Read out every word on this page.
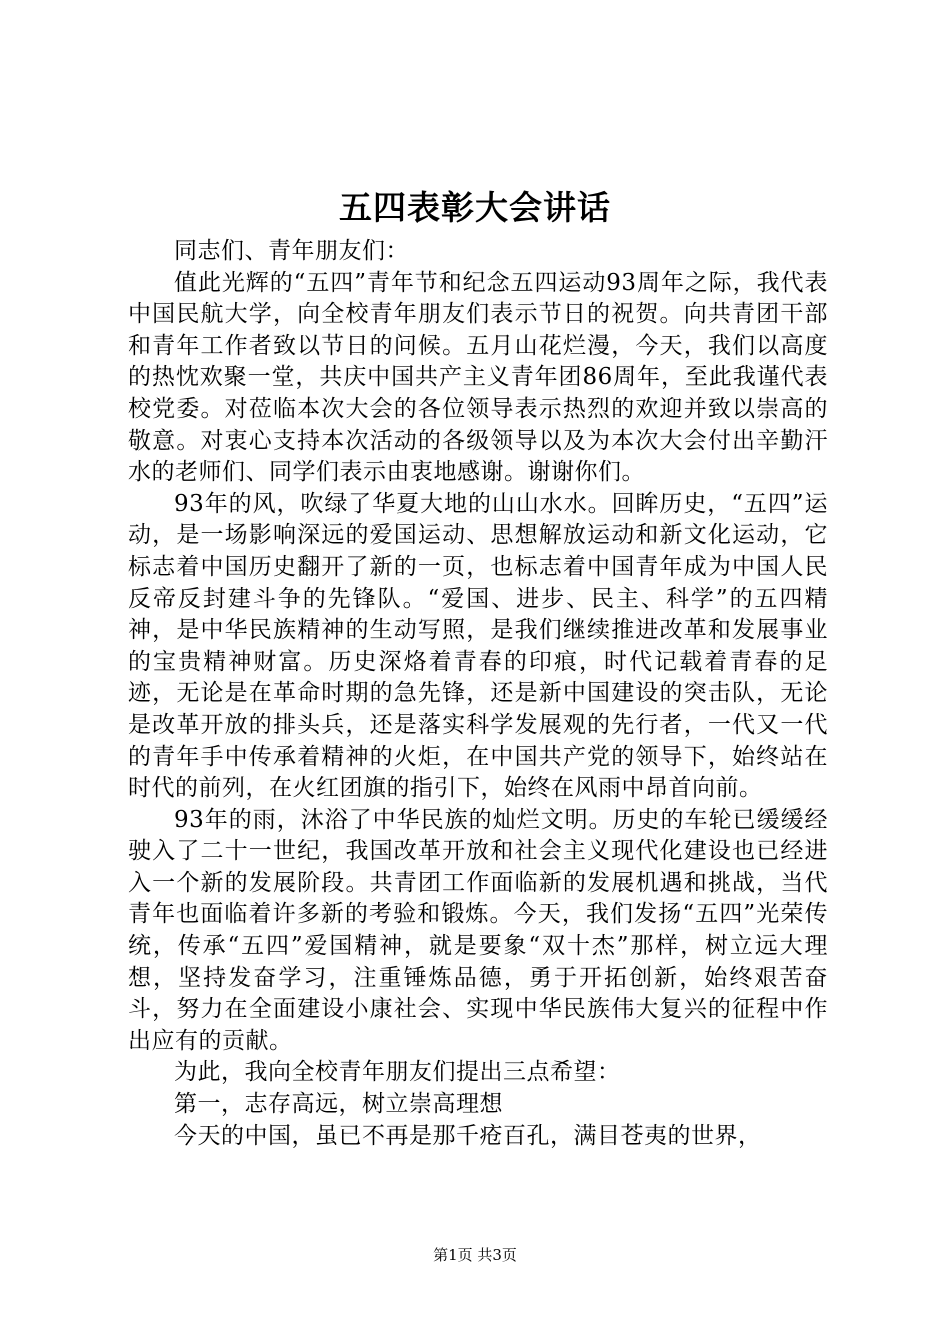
五四表彰大会讲话

同志们、青年朋友们：

值此光辉的“五四”青年节和纪念五四运动93周年之际，我代表中国民航大学，向全校青年朋友们表示节日的祝贺。向共青团干部和青年工作者致以节日的问候。五月山花烂漫，今天，我们以高度的热忱欢聚一堂，共庆中国共产主义青年团86周年，至此我谨代表校党委。对莅临本次大会的各位领导表示热烈的欢迎并致以崇高的敬意。对衷心支持本次活动的各级领导以及为本次大会付出辛勤汗水的老师们、同学们表示由衷地感谢。谢谢你们。

93年的风，吹绿了华夏大地的山山水水。回眸历史，“五四”运动，是一场影响深远的爱国运动、思想解放运动和新文化运动，它标志着中国历史翻开了新的一页，也标志着中国青年成为中国人民反帝反封建斗争的先锋队。“爱国、进步、民主、科学”的五四精神，是中华民族精神的生动写照，是我们继续推进改革和发展事业的宝贵精神财富。历史深烙着青春的印痕，时代记载着青春的足迹，无论是在革命时期的急先锋，还是新中国建设的突击队，无论是改革开放的排头兵，还是落实科学发展观的先行者，一代又一代的青年手中传承着精神的火炬，在中国共产党的领导下，始终站在时代的前列，在火红团旗的指引下，始终在风雨中昂首向前。

93年的雨，沐浴了中华民族的灿烂文明。历史的车轮已缓缓经驶入了二十一世纪，我国改革开放和社会主义现代化建设也已经进入一个新的发展阶段。共青团工作面临新的发展机遇和挑战，当代青年也面临着许多新的考验和锻炼。今天，我们发扬“五四”光荣传统，传承“五四”爱国精神，就是要象“双十杰”那样，树立远大理想，坚持发奋学习，注重锤炼品德，勇于开拓创新，始终艰苦奋斗，努力在全面建设小康社会、实现中华民族伟大复兴的征程中作出应有的贡献。

为此，我向全校青年朋友们提出三点希望：

第一，志存高远，树立崇高理想

今天的中国，虽已不再是那千疮百孔，满目苍夷的世界，

第1页 共3页
